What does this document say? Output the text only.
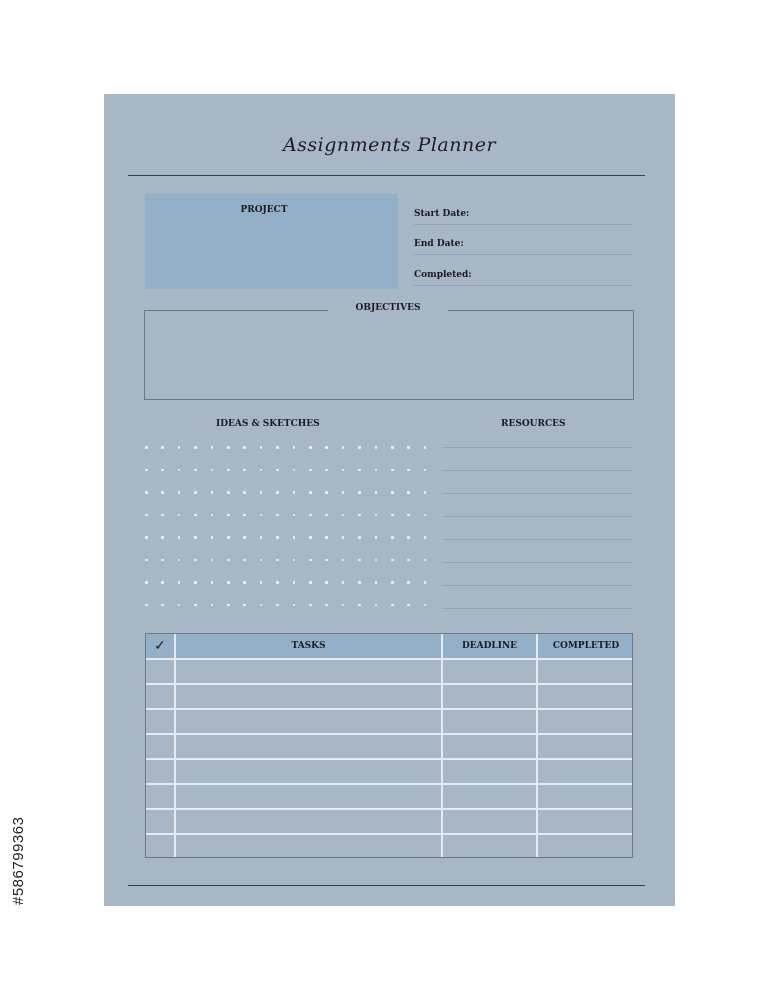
Assignments Planner
PROJECT	Start Date:
End Date:
Completed:
OBJECTIVES
IDEAS & SKETCHES	RESOURCES
✓	TASKS	DEADLINE	COMPLETED
#586799363
